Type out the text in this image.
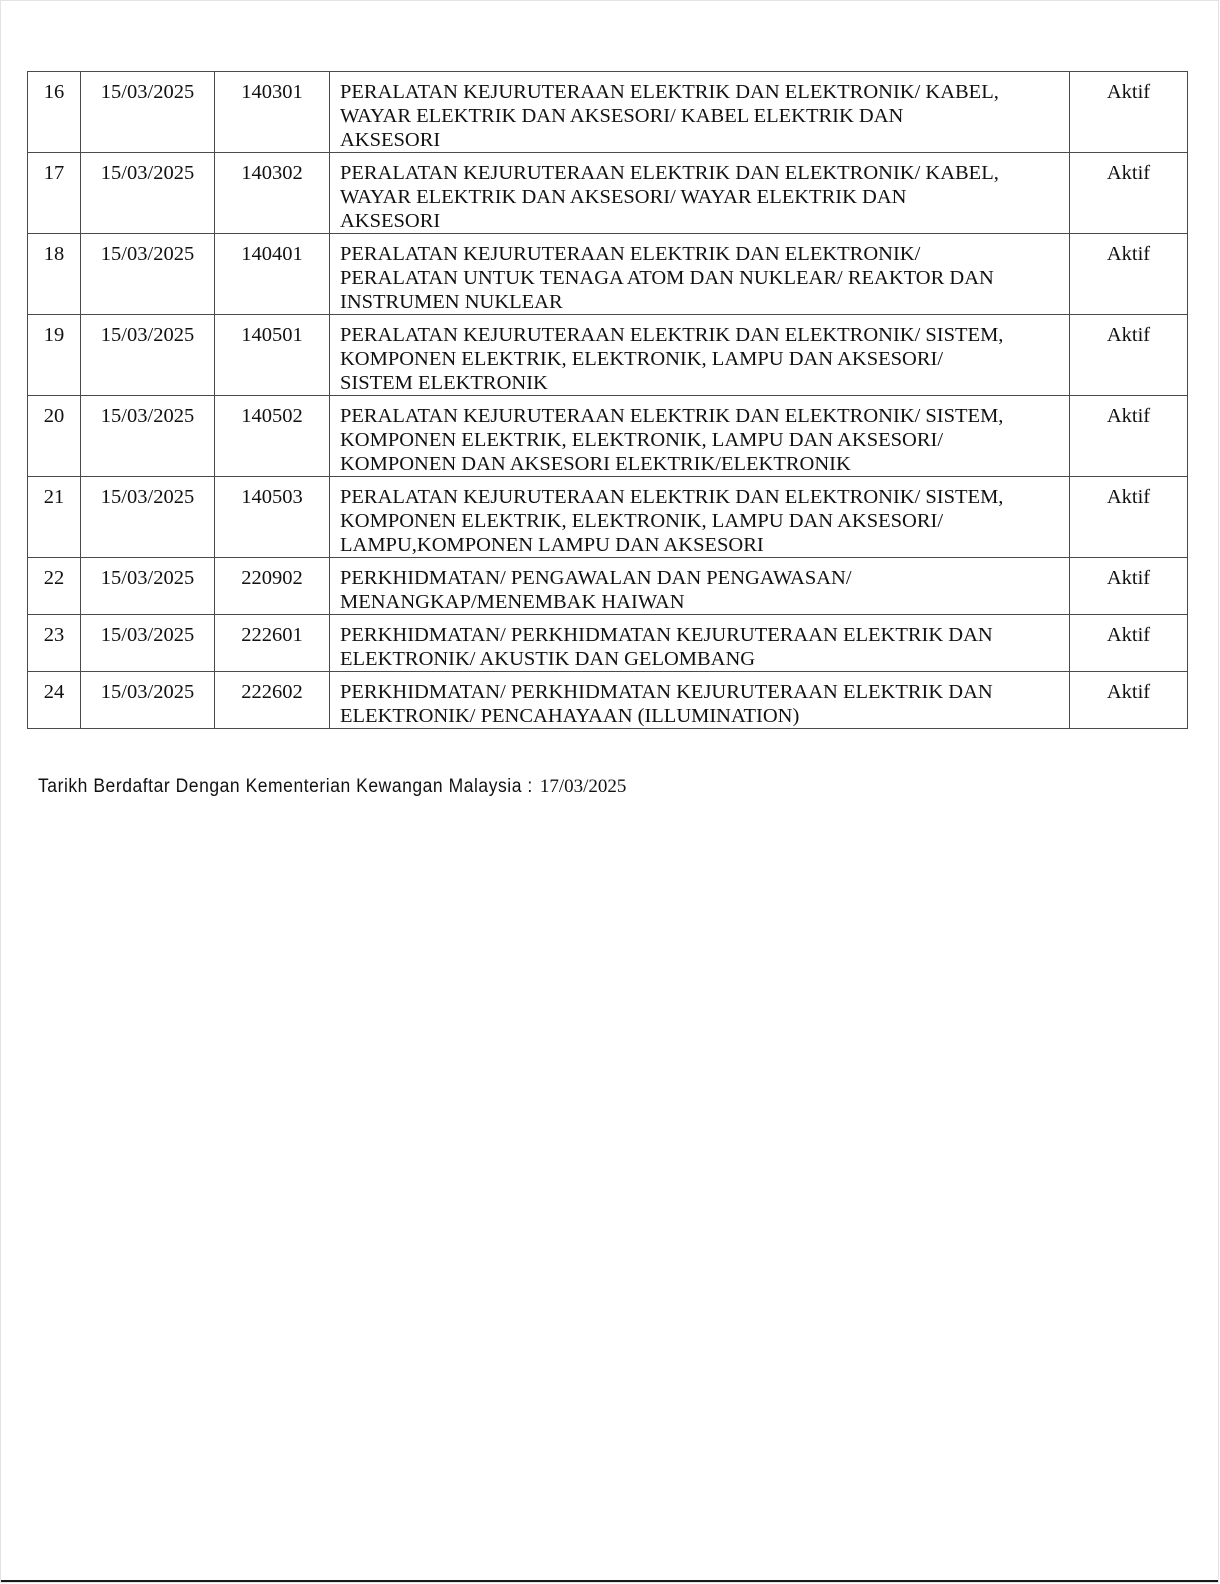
16	15/03/2025	140301	PERALATAN KEJURUTERAAN ELEKTRIK DAN ELEKTRONIK/ KABEL,
WAYAR ELEKTRIK DAN AKSESORI/ KABEL ELEKTRIK DAN
AKSESORI	Aktif
17	15/03/2025	140302	PERALATAN KEJURUTERAAN ELEKTRIK DAN ELEKTRONIK/ KABEL,
WAYAR ELEKTRIK DAN AKSESORI/ WAYAR ELEKTRIK DAN
AKSESORI	Aktif
18	15/03/2025	140401	PERALATAN KEJURUTERAAN ELEKTRIK DAN ELEKTRONIK/
PERALATAN UNTUK TENAGA ATOM DAN NUKLEAR/ REAKTOR DAN
INSTRUMEN NUKLEAR	Aktif
19	15/03/2025	140501	PERALATAN KEJURUTERAAN ELEKTRIK DAN ELEKTRONIK/ SISTEM,
KOMPONEN ELEKTRIK, ELEKTRONIK, LAMPU DAN AKSESORI/
SISTEM ELEKTRONIK	Aktif
20	15/03/2025	140502	PERALATAN KEJURUTERAAN ELEKTRIK DAN ELEKTRONIK/ SISTEM,
KOMPONEN ELEKTRIK, ELEKTRONIK, LAMPU DAN AKSESORI/
KOMPONEN DAN AKSESORI ELEKTRIK/ELEKTRONIK	Aktif
21	15/03/2025	140503	PERALATAN KEJURUTERAAN ELEKTRIK DAN ELEKTRONIK/ SISTEM,
KOMPONEN ELEKTRIK, ELEKTRONIK, LAMPU DAN AKSESORI/
LAMPU,KOMPONEN LAMPU DAN AKSESORI	Aktif
22	15/03/2025	220902	PERKHIDMATAN/ PENGAWALAN DAN PENGAWASAN/
MENANGKAP/MENEMBAK HAIWAN	Aktif
23	15/03/2025	222601	PERKHIDMATAN/ PERKHIDMATAN KEJURUTERAAN ELEKTRIK DAN
ELEKTRONIK/ AKUSTIK DAN GELOMBANG	Aktif
24	15/03/2025	222602	PERKHIDMATAN/ PERKHIDMATAN KEJURUTERAAN ELEKTRIK DAN
ELEKTRONIK/ PENCAHAYAAN (ILLUMINATION)	Aktif
Tarikh Berdaftar Dengan Kementerian Kewangan Malaysia : 17/03/2025
